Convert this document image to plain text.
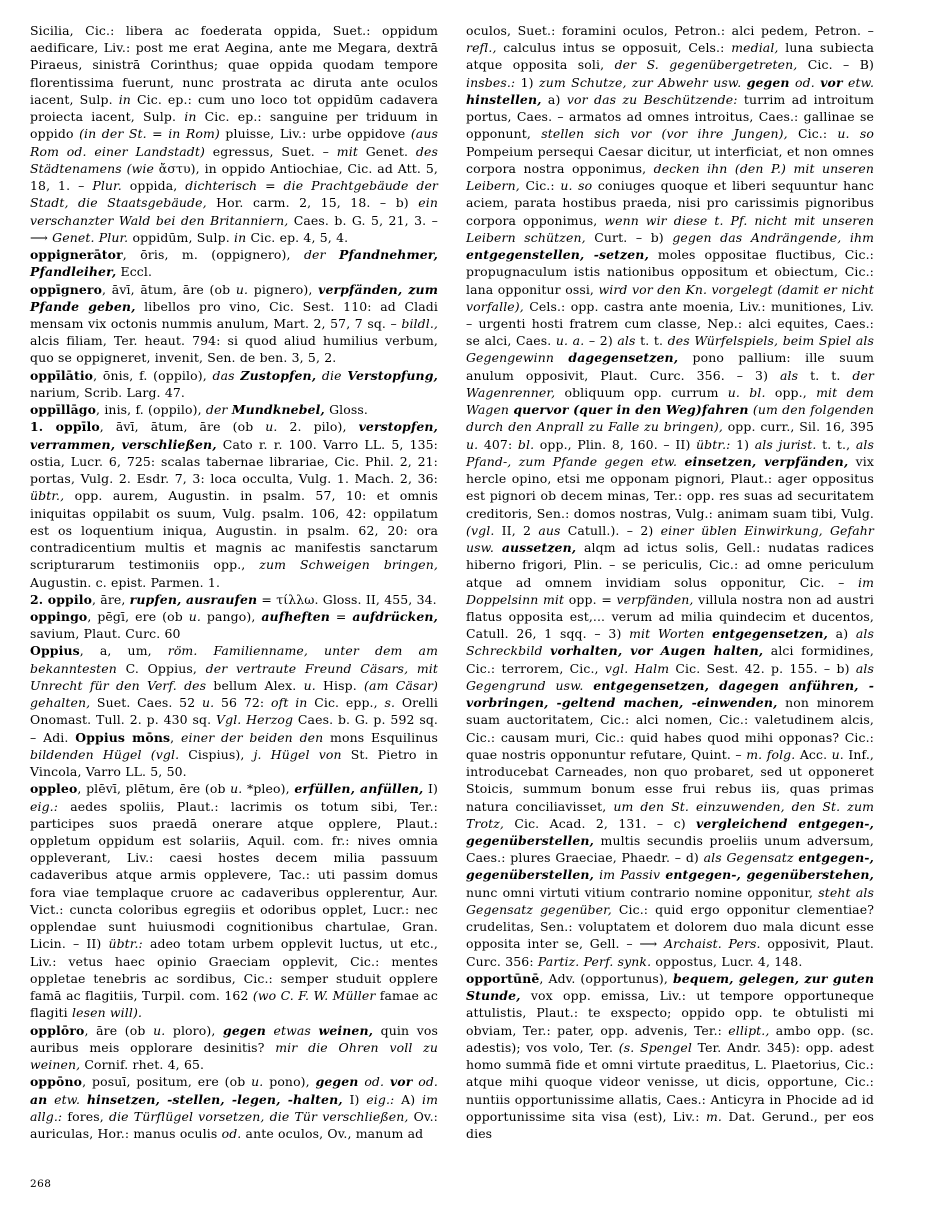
Sicilia, Cic.: libera ac foederata oppida, Suet.: oppidum aedificare, Liv.: post me erat Aegina, ante me Megara, dextrā Piraeus, sinistrā Corinthus; quae oppida quodam tempore florentissima fuerunt, nunc prostrata ac diruta ante oculos iacent, Sulp. in Cic. ep.: cum uno loco tot oppidūm cadavera proiecta iacent, Sulp. in Cic. ep.: sanguine per triduum in oppido (in der St. = in Rom) pluisse, Liv.: urbe oppidove (aus Rom od. einer Landstadt) egressus, Suet. – mit Genet. des Städtenamens (wie ἄστυ), in oppido Antiochiae, Cic. ad Att. 5, 18, 1. – Plur. oppida, dichterisch = die Prachtgebäude der Stadt, die Staatsgebäude, Hor. carm. 2, 15, 18. – b) ein verschanzter Wald bei den Britanniern, Caes. b. G. 5, 21, 3. – ⟶ Genet. Plur. oppidūm, Sulp. in Cic. ep. 4, 5, 4.

oppignerātor, ōris, m. (oppignero), der Pfandnehmer, Pfandleiher, Eccl.

oppīgnero, āvī, ātum, āre (ob u. pignero), verpfänden, zum Pfande geben, libellos pro vino, Cic. Sest. 110: ad Cladi mensam vix octonis nummis anulum, Mart. 2, 57, 7 sq. – bildl., alcis filiam, Ter. heaut. 794: si quod aliud humilius verbum, quo se oppigneret, invenit, Sen. de ben. 3, 5, 2.

oppīlātio, ōnis, f. (oppilo), das Zustopfen, die Verstopfung, narium, Scrib. Larg. 47.

oppīllāgo, inis, f. (oppilo), der Mundknebel, Gloss.

1. oppīlo, āvī, ātum, āre (ob u. 2. pilo), verstopfen, verrammen, verschließen, Cato r. r. 100. Varro LL. 5, 135: ostia, Lucr. 6, 725: scalas tabernae librariae, Cic. Phil. 2, 21: portas, Vulg. 2. Esdr. 7, 3: loca occulta, Vulg. 1. Mach. 2, 36: übtr., opp. aurem, Augustin. in psalm. 57, 10: et omnis iniquitas oppilabit os suum, Vulg. psalm. 106, 42: oppilatum est os loquentium iniqua, Augustin. in psalm. 62, 20: ora contradicentium multis et magnis ac manifestis sanctarum scripturarum testimoniis opp., zum Schweigen bringen, Augustin. c. epist. Parmen. 1.

2. oppilo, āre, rupfen, ausraufen = τίλλω. Gloss. II, 455, 34.

oppingo, pēgī, ere (ob u. pango), aufheften = aufdrücken, savium, Plaut. Curc. 60

Oppius, a, um, röm. Familienname, unter dem am bekanntesten C. Oppius, der vertraute Freund Cäsars, mit Unrecht für den Verf. des bellum Alex. u. Hisp. (am Cäsar) gehalten, Suet. Caes. 52 u. 56 72: oft in Cic. epp., s. Orelli Onomast. Tull. 2. p. 430 sq. Vgl. Herzog Caes. b. G. p. 592 sq. – Adi. Oppius mōns, einer der beiden den mons Esquilinus bildenden Hügel (vgl. Cispius), j. Hügel von St. Pietro in Vincola, Varro LL. 5, 50.

oppleo, plēvī, plētum, ēre (ob u. *pleo), erfüllen, anfüllen, I) eig.: aedes spoliis, Plaut.: lacrimis os totum sibi, Ter.: participes suos praedā onerare atque opplere, Plaut.: oppletum oppidum est solariis, Aquil. com. fr.: nives omnia oppleverant, Liv.: caesi hostes decem milia passuum cadaveribus atque armis opplevere, Tac.: uti passim domus fora viae templaque cruore ac cadaveribus opplerentur, Aur. Vict.: cuncta coloribus egregiis et odoribus opplet, Lucr.: nec opplendae sunt huiusmodi cognitionibus chartulae, Gran. Licin. – II) übtr.: adeo totam urbem opplevit luctus, ut etc., Liv.: vetus haec opinio Graeciam opplevit, Cic.: mentes oppletae tenebris ac sordibus, Cic.: semper studuit opplere famā ac flagitiis, Turpil. com. 162 (wo C. F. W. Müller famae ac flagiti lesen will).

opplōro, āre (ob u. ploro), gegen etwas weinen, quin vos auribus meis opplorare desinitis? mir die Ohren voll zu weinen, Cornif. rhet. 4, 65.

oppōno, posuī, positum, ere (ob u. pono), gegen od. vor od. an etw. hinsetzen, -stellen, -legen, -halten, I) eig.: A) im allg.: fores, die Türflügel vorsetzen, die Tür verschließen, Ov.: auriculas, Hor.: manus oculis od. ante oculos, Ov., manum ad

oculos, Suet.: foramini oculos, Petron.: alci pedem, Petron. – refl., calculus intus se opposuit, Cels.: medial, luna subiecta atque opposita soli, der S. gegenübergetreten, Cic. – B) insbes.: 1) zum Schutze, zur Abwehr usw. gegen od. vor etw. hinstellen, a) vor das zu Beschützende: turrim ad introitum portus, Caes. – armatos ad omnes introitus, Caes.: gallinae se opponunt, stellen sich vor (vor ihre Jungen), Cic.: u. so Pompeium persequi Caesar dicitur, ut interficiat, et non omnes corpora nostra opponimus, decken ihn (den P.) mit unseren Leibern, Cic.: u. so coniuges quoque et liberi sequuntur hanc aciem, parata hostibus praeda, nisi pro carissimis pignoribus corpora opponimus, wenn wir diese t. Pf. nicht mit unseren Leibern schützen, Curt. – b) gegen das Andrängende, ihm entgegenstellen, -setzen, moles oppositae fluctibus, Cic.: propugnaculum istis nationibus oppositum et obiectum, Cic.: lana opponitur ossi, wird vor den Kn. vorgelegt (damit er nicht vorfalle), Cels.: opp. castra ante moenia, Liv.: munitiones, Liv. – urgenti hosti fratrem cum classe, Nep.: alci equites, Caes.: se alci, Caes. u. a. – 2) als t. t. des Würfelspiels, beim Spiel als Gegengewinn dagegensetzen, pono pallium: ille suum anulum opposivit, Plaut. Curc. 356. – 3) als t. t. der Wagenrenner, obliquum opp. currum u. bl. opp., mit dem Wagen quervor (quer in den Weg)fahren (um den folgenden durch den Anprall zu Falle zu bringen), opp. curr., Sil. 16, 395 u. 407: bl. opp., Plin. 8, 160. – II) übtr.: 1) als jurist. t. t., als Pfand-, zum Pfande gegen etw. einsetzen, verpfänden, vix hercle opino, etsi me opponam pignori, Plaut.: ager oppositus est pignori ob decem minas, Ter.: opp. res suas ad securitatem creditoris, Sen.: domos nostras, Vulg.: animam suam tibi, Vulg. (vgl. II, 2 aus Catull.). – 2) einer üblen Einwirkung, Gefahr usw. aussetzen, alqm ad ictus solis, Gell.: nudatas radices hiberno frigori, Plin. – se periculis, Cic.: ad omne periculum atque ad omnem invidiam solus opponitur, Cic. – im Doppelsinn mit opp. = verpfänden, villula nostra non ad austri flatus opposita est,... verum ad milia quindecim et ducentos, Catull. 26, 1 sqq. – 3) mit Worten entgegensetzen, a) als Schreckbild vorhalten, vor Augen halten, alci formidines, Cic.: terrorem, Cic., vgl. Halm Cic. Sest. 42. p. 155. – b) als Gegengrund usw. entgegensetzen, dagegen anführen, -vorbringen, -geltend machen, -einwenden, non minorem suam auctoritatem, Cic.: alci nomen, Cic.: valetudinem alcis, Cic.: causam muri, Cic.: quid habes quod mihi opponas? Cic.: quae nostris opponuntur refutare, Quint. – m. folg. Acc. u. Inf., introducebat Carneades, non quo probaret, sed ut opponeret Stoicis, summum bonum esse frui rebus iis, quas primas natura conciliavisset, um den St. einzuwenden, den St. zum Trotz, Cic. Acad. 2, 131. – c) vergleichend entgegen-, gegenüberstellen, multis secundis proeliis unum adversum, Caes.: plures Graeciae, Phaedr. – d) als Gegensatz entgegen-, gegenüberstellen, im Passiv entgegen-, gegenüberstehen, nunc omni virtuti vitium contrario nomine opponitur, steht als Gegensatz gegenüber, Cic.: quid ergo opponitur clementiae? crudelitas, Sen.: voluptatem et dolorem duo mala dicunt esse opposita inter se, Gell. – ⟶ Archaist. Pers. opposivit, Plaut. Curc. 356: Partiz. Perf. synk. oppostus, Lucr. 4, 148.

opportūnē, Adv. (opportunus), bequem, gelegen, zur guten Stunde, vox opp. emissa, Liv.: ut tempore opportuneque attulistis, Plaut.: te exspecto; oppido opp. te obtulisti mi obviam, Ter.: pater, opp. advenis, Ter.: ellipt., ambo opp. (sc. adestis); vos volo, Ter. (s. Spengel Ter. Andr. 345): opp. adest homo summā fide et omni virtute praeditus, L. Plaetorius, Cic.: atque mihi quoque videor venisse, ut dicis, opportune, Cic.: nuntiis opportunissime allatis, Caes.: Anticyra in Phocide ad id opportunissime sita visa (est), Liv.: m. Dat. Gerund., per eos dies

268
